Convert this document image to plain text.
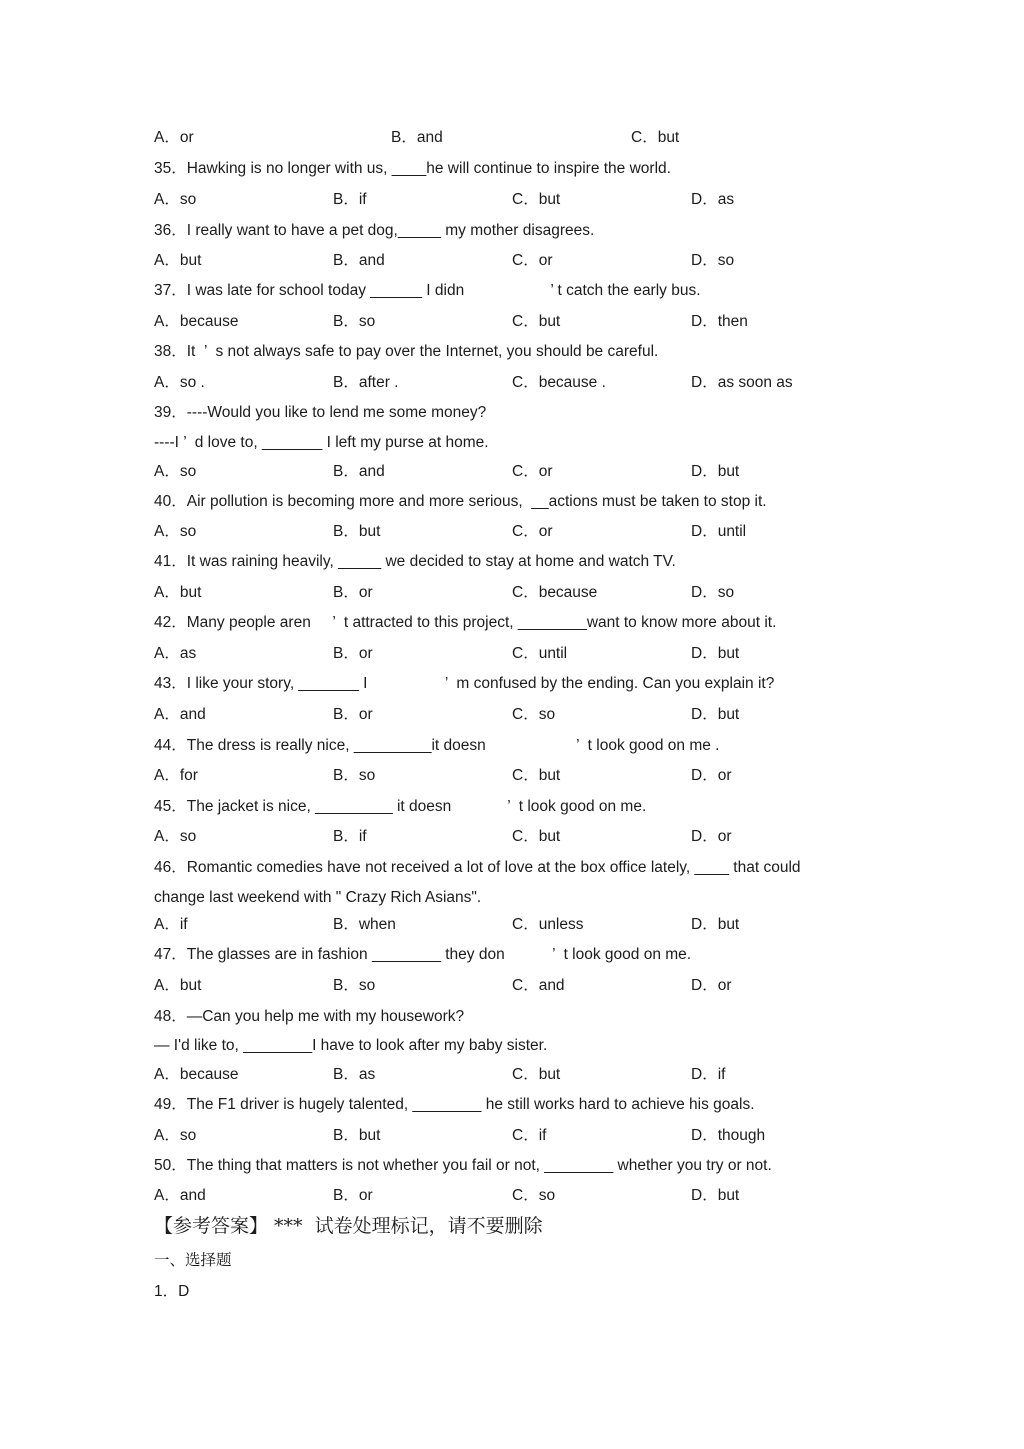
A．or	B．and	C．but
35．Hawking is no longer with us, ____he will continue to inspire the world.
A．so	B．if	C．but	D．as
36．I really want to have a pet dog,_____ my mother disagrees.
A．but	B．and	C．or	D．so
37．I was late for school today ______ I didn                    ’ t catch the early bus.
A．because	B．so	C．but	D．then
38．It  ’  s not always safe to pay over the Internet, you should be careful.
A．so .	B．after .	C．because .	D．as soon as
39．----Would you like to lend me some money?
----I ’  d love to, _______ I left my purse at home.
A．so	B．and	C．or	D．but
40．Air pollution is becoming more and more serious,  __actions must be taken to stop it.
A．so	B．but	C．or	D．until
41．It was raining heavily, _____ we decided to stay at home and watch TV.
A．but	B．or	C．because	D．so
42．Many people aren     ’  t attracted to this project, ________want to know more about it.
A．as	B．or	C．until	D．but
43．I like your story, _______ I                  ’  m confused by the ending. Can you explain it?
A．and	B．or	C．so	D．but
44．The dress is really nice, _________it doesn                     ’  t look good on me .
A．for	B．so	C．but	D．or
45．The jacket is nice, _________ it doesn             ’  t look good on me.
A．so	B．if	C．but	D．or
46．Romantic comedies have not received a lot of love at the box office lately, ____ that could
change last weekend with " Crazy Rich Asians".
A．if	B．when	C．unless	D．but
47．The glasses are in fashion ________ they don           ’  t look good on me.
A．but	B．so	C．and	D．or
48．—Can you help me with my housework?
— I'd like to, ________I have to look after my baby sister.
A．because	B．as	C．but	D．if
49．The F1 driver is hugely talented, ________ he still works hard to achieve his goals.
A．so	B．but	C．if	D．though
50．The thing that matters is not whether you fail or not, ________ whether you try or not.
A．and	B．or	C．so	D．but
【参考答案】 ***  试卷处理标记，请不要删除
一、选择题
1．D
